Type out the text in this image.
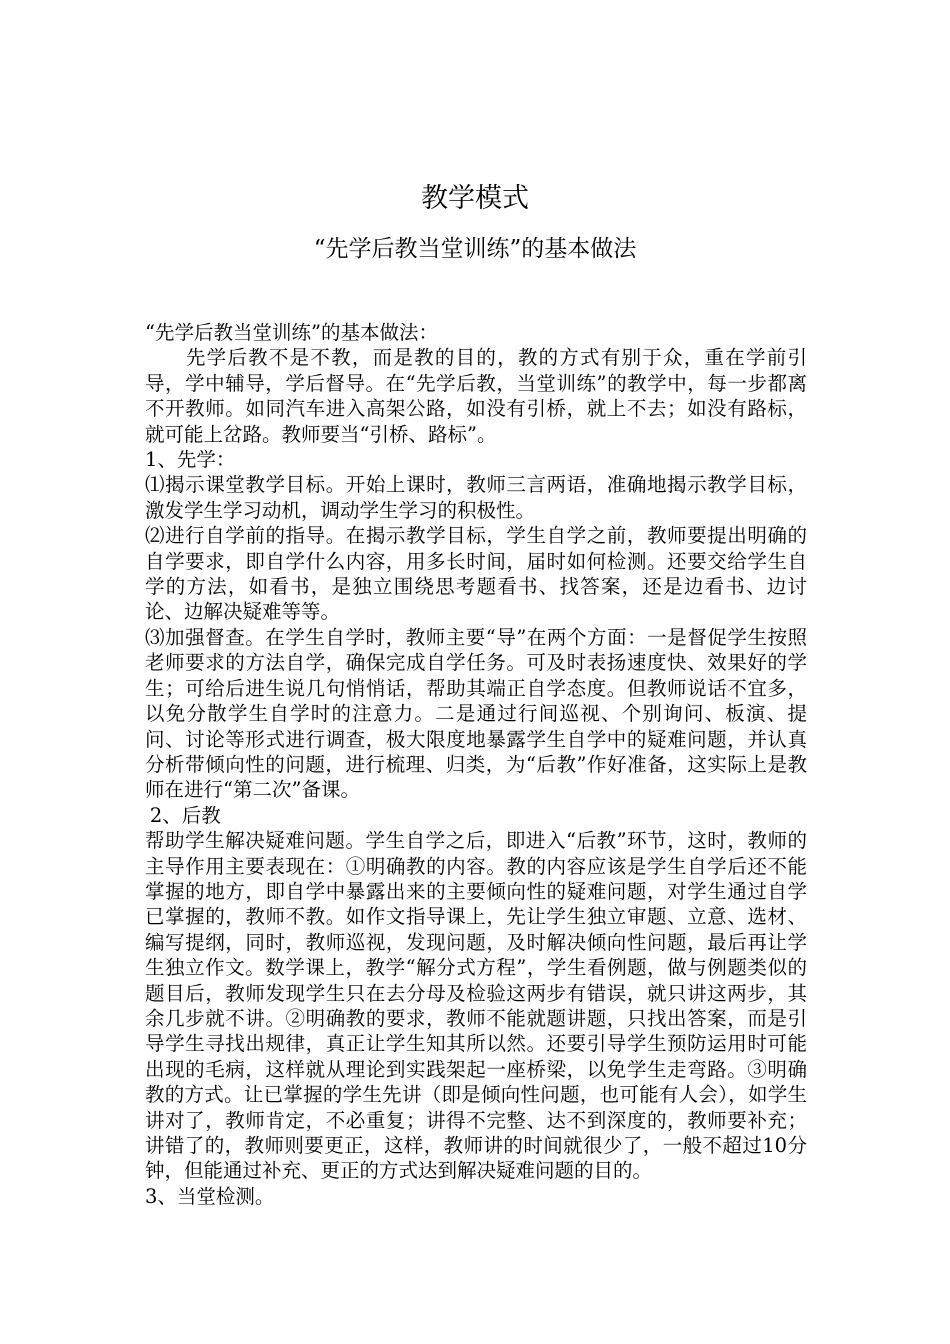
教学模式
“先学后教当堂训练”的基本做法

“先学后教当堂训练”的基本做法：

先学后教不是不教，而是教的目的，教的方式有别于众，重在学前引导，学中辅导，学后督导。在“先学后教，当堂训练”的教学中，每一步都离不开教师。如同汽车进入高架公路，如没有引桥，就上不去；如没有路标，就可能上岔路。教师要当“引桥、路标”。

1、先学：

⑴揭示课堂教学目标。开始上课时，教师三言两语，准确地揭示教学目标，激发学生学习动机，调动学生学习的积极性。

⑵进行自学前的指导。在揭示教学目标，学生自学之前，教师要提出明确的自学要求，即自学什么内容，用多长时间，届时如何检测。还要交给学生自学的方法，如看书，是独立围绕思考题看书、找答案，还是边看书、边讨论、边解决疑难等等。

⑶加强督查。在学生自学时，教师主要“导”在两个方面：一是督促学生按照老师要求的方法自学，确保完成自学任务。可及时表扬速度快、效果好的学生；可给后进生说几句悄悄话，帮助其端正自学态度。但教师说话不宜多，以免分散学生自学时的注意力。二是通过行间巡视、个别询问、板演、提问、讨论等形式进行调查，极大限度地暴露学生自学中的疑难问题，并认真分析带倾向性的问题，进行梳理、归类，为“后教”作好准备，这实际上是教师在进行“第二次”备课。

2、后教

帮助学生解决疑难问题。学生自学之后，即进入“后教”环节，这时，教师的主导作用主要表现在：①明确教的内容。教的内容应该是学生自学后还不能掌握的地方，即自学中暴露出来的主要倾向性的疑难问题，对学生通过自学已掌握的，教师不教。如作文指导课上，先让学生独立审题、立意、选材、编写提纲，同时，教师巡视，发现问题，及时解决倾向性问题，最后再让学生独立作文。数学课上，教学“解分式方程”，学生看例题，做与例题类似的题目后，教师发现学生只在去分母及检验这两步有错误，就只讲这两步，其余几步就不讲。②明确教的要求，教师不能就题讲题，只找出答案，而是引导学生寻找出规律，真正让学生知其所以然。还要引导学生预防运用时可能出现的毛病，这样就从理论到实践架起一座桥梁，以免学生走弯路。③明确教的方式。让已掌握的学生先讲（即是倾向性问题，也可能有人会），如学生讲对了，教师肯定，不必重复；讲得不完整、达不到深度的，教师要补充；讲错了的，教师则要更正，这样，教师讲的时间就很少了，一般不超过10分钟，但能通过补充、更正的方式达到解决疑难问题的目的。

3、当堂检测。
